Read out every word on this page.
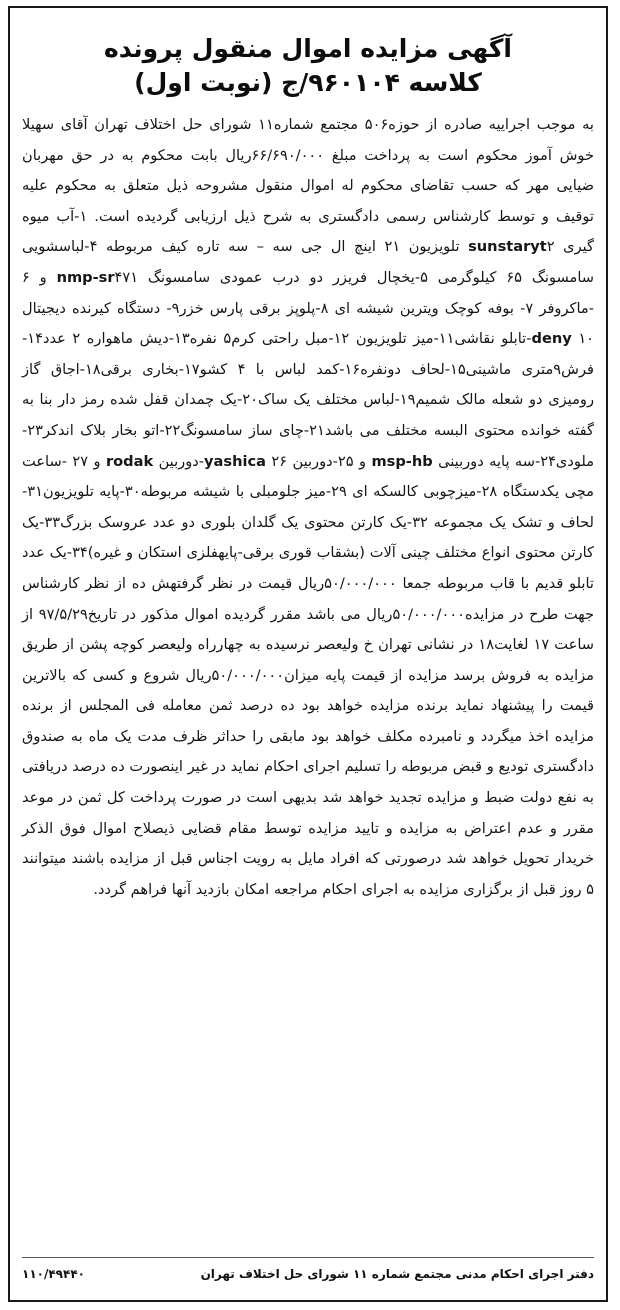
آگهی مزایده اموال منقول پرونده
کلاسه ۹۶۰۱۰۴/ج (نوبت اول)
به موجب اجراییه صادره از حوزه۵۰۶ مجتمع شماره۱۱ شورای حل اختلاف تهران آقای سهیلا خوش آموز محکوم است به پرداخت مبلغ ۶۶/۶۹۰/۰۰۰ریال بابت محکوم به در حق مهربان ضیایی مهر که حسب تقاضای محکوم له اموال منقول مشروحه ذیل متعلق به محکوم علیه توقیف و توسط کارشناس رسمی دادگستری به شرح ذیل ارزیابی گردیده است. ۱-آب میوه گیری sunstaryt۲ تلویزیون ۲۱ اینچ ال جی سه – سه تاره کیف مربوطه ۴-لباسشویی سامسونگ ۶۵ کیلوگرمی ۵-یخچال فریزر دو درب عمودی سامسونگ nmp-sr۴۷۱ و ۶ -ماکروفر ۷- بوفه کوچک ویترین شیشه ای ۸-پلوپز برقی پارس خزر۹- دستگاه کیرنده دیجیتال deny ۱۰-تابلو نقاشی۱۱-میز تلویزیون ۱۲-مبل راحتی کرم۵ نفره۱۳-دیش ماهواره ۲ عدد۱۴-فرش۹متری ماشینی۱۵-لحاف دونفره۱۶-کمد لباس با ۴ کشو۱۷-بخاری برقی۱۸-اجاق گاز رومیزی دو شعله مالک شمیم۱۹-لباس مختلف یک ساک۲۰-یک چمدان قفل شده رمز دار بنا به گفته خوانده محتوی البسه مختلف می باشد۲۱-چای ساز سامسونگ۲۲-اتو بخار بلاک اندکر۲۳-ملودی۲۴-سه پایه دوربینی msp-hb و ۲۵-دوربین yashica ۲۶-دوربین rodak و ۲۷ -ساعت مچی یکدستگاه ۲۸-میزچوبی کالسکه ای ۲۹-میز جلومبلی با شیشه مربوطه۳۰-پایه تلویزیون۳۱-لحاف و تشک یک مجموعه ۳۲-یک کارتن محتوی یک گلدان بلوری دو عدد عروسک بزرگ۳۳-یک کارتن محتوی انواع مختلف چینی آلات (بشقاب قوری برقی-پایهفلزی استکان و غیره)۳۴-یک عدد تابلو قدیم با قاب مربوطه جمعا ۵۰/۰۰۰/۰۰۰ریال قیمت در نظر گرفتهش ده از نظر کارشناس جهت طرح در مزایده۵۰/۰۰۰/۰۰۰ریال می باشد مقرر گردیده اموال مذکور در تاریخ۹۷/۵/۲۹ از ساعت ۱۷ لغایت۱۸ در نشانی تهران خ ولیعصر نرسیده به چهارراه ولیعصر کوچه پشن از طریق مزایده به فروش برسد مزایده از قیمت پایه میزان۵۰/۰۰۰/۰۰۰ریال شروع و کسی که بالاترین قیمت را پیشنهاد نماید برنده مزایده خواهد بود ده درصد ثمن معامله فی المجلس از برنده مزایده اخذ میگردد و نامبرده مکلف خواهد بود مابقی را حداثر ظرف مدت یک ماه به صندوق دادگستری تودیع و قبض مربوطه را تسلیم اجرای احکام نماید در غیر اینصورت ده درصد دریافتی به نفع دولت ضبط و مزایده تجدید خواهد شد بدیهی است در صورت پرداخت کل ثمن در موعد مقرر و عدم اعتراض به مزایده و تایید مزایده توسط مقام قضایی ذیصلاح اموال فوق الذکر خریدار تحویل خواهد شد درصورتی که افراد مایل به رویت اجناس قبل از مزایده باشند میتوانند ۵ روز قبل از برگزاری مزایده به اجرای احکام مراجعه امکان بازدید آنها فراهم گردد.
دفتر اجرای احکام مدنی مجتمع شماره ۱۱ شورای حل اختلاف تهران
۱۱۰/۴۹۴۴۰
